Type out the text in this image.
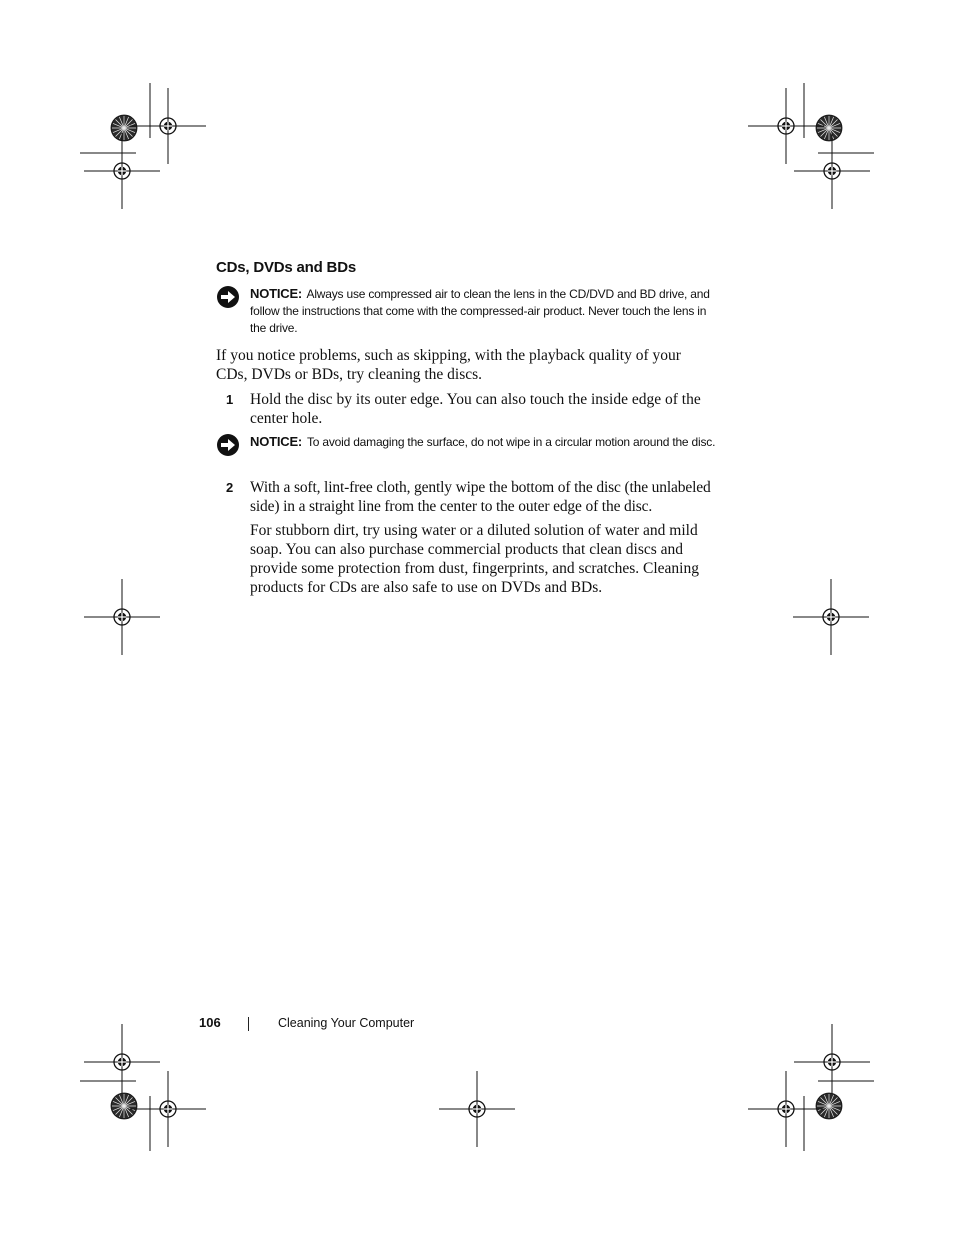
CDs, DVDs and BDs
NOTICE: Always use compressed air to clean the lens in the CD/DVD and BD drive, and follow the instructions that come with the compressed-air product. Never touch the lens in the drive.
If you notice problems, such as skipping, with the playback quality of your CDs, DVDs or BDs, try cleaning the discs.
1 Hold the disc by its outer edge. You can also touch the inside edge of the center hole.
NOTICE: To avoid damaging the surface, do not wipe in a circular motion around the disc.
2 With a soft, lint-free cloth, gently wipe the bottom of the disc (the unlabeled side) in a straight line from the center to the outer edge of the disc.
For stubborn dirt, try using water or a diluted solution of water and mild soap. You can also purchase commercial products that clean discs and provide some protection from dust, fingerprints, and scratches. Cleaning products for CDs are also safe to use on DVDs and BDs.
106	Cleaning Your Computer
